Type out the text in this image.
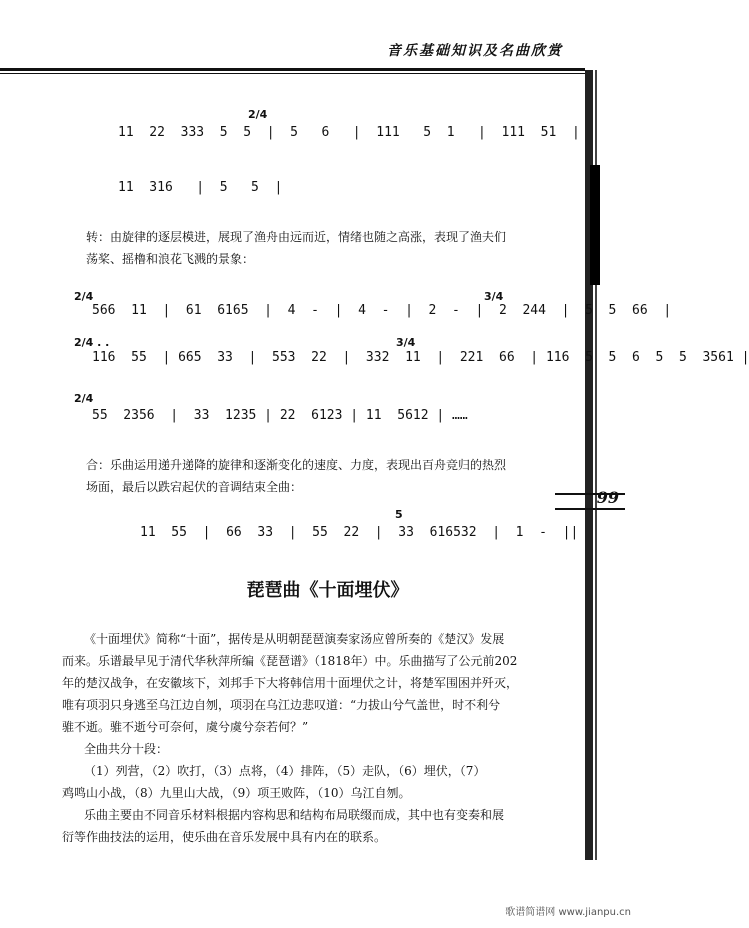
音乐基础知识及名曲欣赏
99
2/4
11  22  333  5  5  |  5   6   |  111   5  1   |  111  51  |
11  316   |  5   5  |
转：由旋律的逐层模进，展现了渔舟由远而近，情绪也随之高涨，表现了渔夫们
荡桨、摇橹和浪花飞溅的景象：
2/4	3/4
566  11  |  61  6165  |  4  -  |  4  -  |  2  -  |  2  244  |  5  5  66  |
2/4 . .	3/4
116  55  | 665  33  |  553  22  |  332  11  |  221  66  | 116  5  5  6  5  5  3561 |
2/4
55  2356  |  33  1235 | 22  6123 | 11  5612 | ……
合：乐曲运用递升递降的旋律和逐渐变化的速度、力度，表现出百舟竞归的热烈
场面，最后以跌宕起伏的音调结束全曲：
5
11  55  |  66  33  |  55  22  |  33  616532  |  1  -  ||
琵琶曲《十面埋伏》
《十面埋伏》简称“十面”，据传是从明朝琵琶演奏家汤应曾所奏的《楚汉》发展
而来。乐谱最早见于清代华秋萍所编《琵琶谱》（1818年）中。乐曲描写了公元前202
年的楚汉战争，在安徽垓下，刘邦手下大将韩信用十面埋伏之计，将楚军围困并歼灭，
唯有项羽只身逃至乌江边自刎，项羽在乌江边悲叹道：“力拔山兮气盖世，时不利兮
骓不逝。骓不逝兮可奈何，虞兮虞兮奈若何？”
全曲共分十段：
（1）列营，（2）吹打，（3）点将，（4）排阵，（5）走队，（6）埋伏，（7）
鸡鸣山小战，（8）九里山大战，（9）项王败阵，（10）乌江自刎。
乐曲主要由不同音乐材料根据内容构思和结构布局联缀而成，其中也有变奏和展
衍等作曲技法的运用，使乐曲在音乐发展中具有内在的联系。
歌谱简谱网 www.jianpu.cn
